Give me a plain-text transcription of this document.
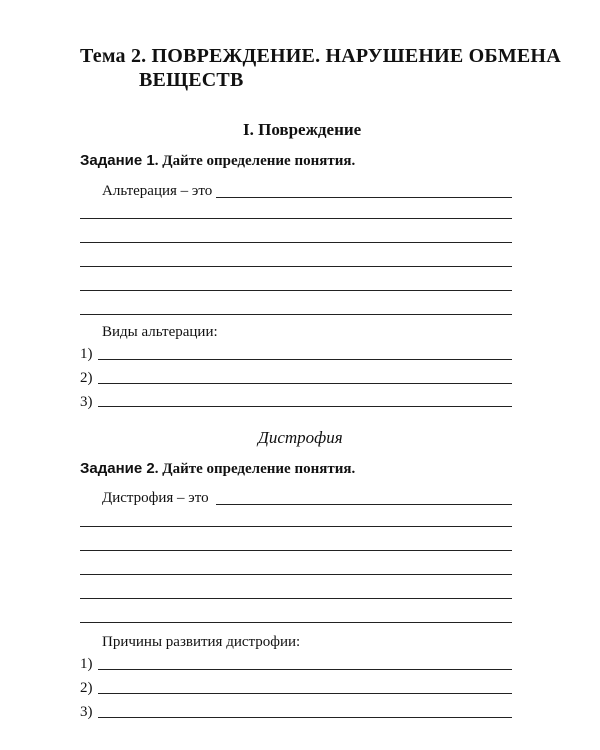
Тема 2. ПОВРЕЖДЕНИЕ. НАРУШЕНИЕ ОБМЕНА
ВЕЩЕСТВ
I. Повреждение
Задание 1. Дайте определение понятия.
Альтерация – это
Виды альтерации:
1)
2)
3)
Дистрофия
Задание 2. Дайте определение понятия.
Дистрофия – это
Причины развития дистрофии:
1)
2)
3)
